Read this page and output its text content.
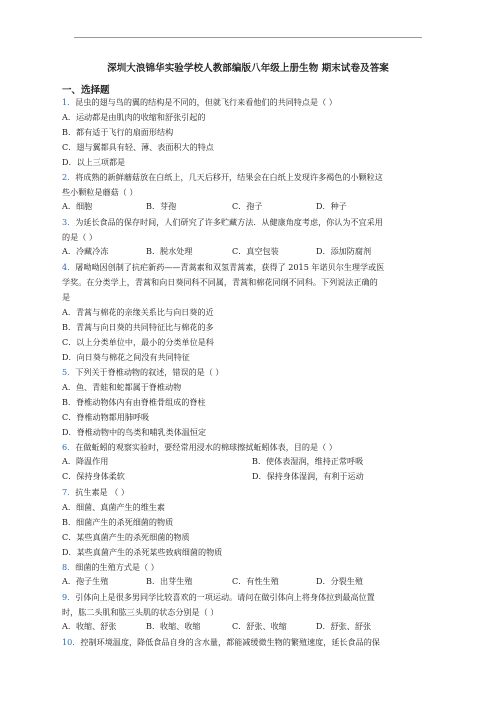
深圳大浪锦华实验学校人教部编版八年级上册生物 期末试卷及答案
一、选择题
1．昆虫的翅与鸟的翼的结构是不同的，但就飞行来看他们的共同特点是（ ）
A．运动都是由肌肉的收缩和舒张引起的
B．都有适于飞行的扇面形结构
C．翅与翼都具有轻、薄、表面积大的特点
D．以上三项都是
2．将成熟的新鲜蘑菇放在白纸上，几天后移开，结果会在白纸上发现许多褐色的小颗粒这
些小颗粒是蘑菇（ ）
A．细胞	B．芽孢	C．孢子	D．种子
3．为延长食品的保存时间，人们研究了许多贮藏方法．从健康角度考虑，你认为不宜采用
的是（ ）
A．冷藏冷冻	B．脱水处理	C．真空包装	D．添加防腐剂
4．屠呦呦因创制了抗疟新药——青蒿素和双氢青蒿素，获得了 2015 年诺贝尔生理学或医
学奖。在分类学上，青蒿和向日葵同科不同属，青蒿和棉花同纲不同科。下列说法正确的
是
A．青蒿与棉花的亲缘关系比与向日葵的近
B．青蒿与向日葵的共同特征比与棉花的多
C．以上分类单位中，最小的分类单位是科
D．向日葵与棉花之间没有共同特征
5．下列关于脊椎动物的叙述，错误的是（ ）
A．鱼、青蛙和蛇都属于脊椎动物
B．脊椎动物体内有由脊椎骨组成的脊柱
C．脊椎动物都用肺呼吸
D．脊椎动物中的鸟类和哺乳类体温恒定
6．在做蚯蚓的观察实验时，要经常用浸水的棉球擦拭蚯蚓体表，目的是（ ）
A．降温作用	B．使体表湿润，维持正常呼吸
C．保持身体柔软	D．保持身体湿润，有利于运动
7．抗生素是 （ ）
A．细菌、真菌产生的维生素
B．细菌产生的杀死细菌的物质
C．某些真菌产生的杀死细菌的物质
D．某些真菌产生的杀死某些致病细菌的物质
8．细菌的生殖方式是（ ）
A．孢子生殖	B．出芽生殖	C．有性生殖	D．分裂生殖
9．引体向上是很多男同学比较喜欢的一项运动。请问在做引体向上将身体拉到最高位置
时，肱二头肌和肱三头肌的状态分别是（ ）
A．收缩、舒张	B．收缩、收缩	C．舒张、收缩	D．舒张、舒张
10．控制环境温度，降低食品自身的含水量，都能减缓微生物的繁殖速度，延长食品的保
